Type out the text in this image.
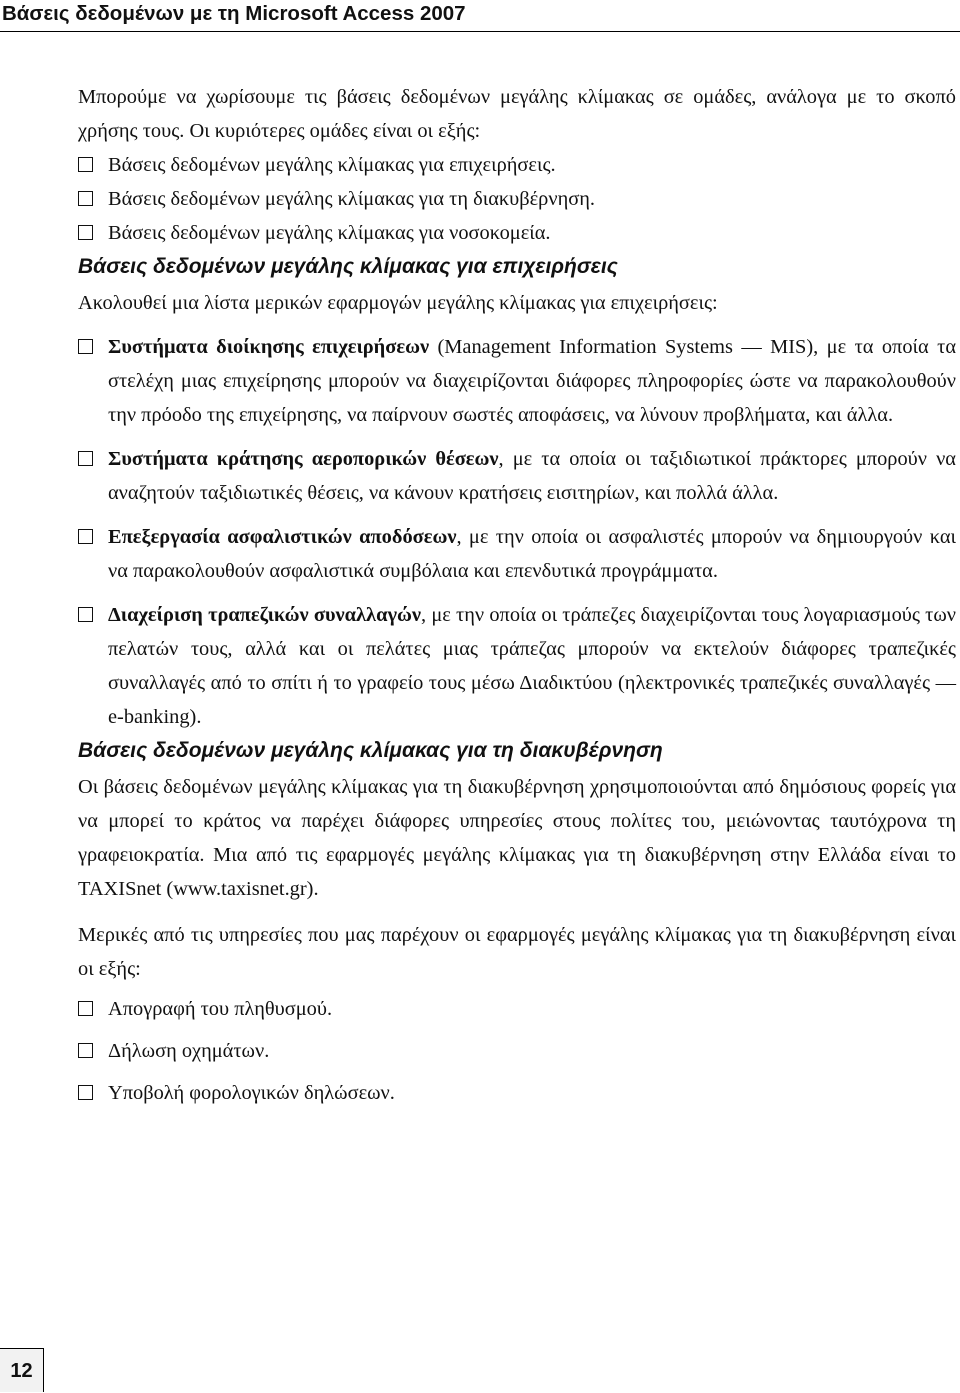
Βάσεις δεδομένων με τη Microsoft Access 2007

Μπορούμε να χωρίσουμε τις βάσεις δεδομένων μεγάλης κλίμακας σε ομάδες, ανάλογα με το σκοπό χρήσης τους. Οι κυριότερες ομάδες είναι οι εξής:

Βάσεις δεδομένων μεγάλης κλίμακας για επιχειρήσεις.

Βάσεις δεδομένων μεγάλης κλίμακας για τη διακυβέρνηση.

Βάσεις δεδομένων μεγάλης κλίμακας για νοσοκομεία.

Βάσεις δεδομένων μεγάλης κλίμακας για επιχειρήσεις

Ακολουθεί μια λίστα μερικών εφαρμογών μεγάλης κλίμακας για επιχειρήσεις:

Συστήματα διοίκησης επιχειρήσεων (Management Information Systems — MIS), με τα οποία τα στελέχη μιας επιχείρησης μπορούν να διαχειρίζονται διάφορες πληροφορίες ώστε να παρακολουθούν την πρόοδο της επιχείρησης, να παίρνουν σωστές αποφάσεις, να λύνουν προβλήματα, και άλλα.

Συστήματα κράτησης αεροπορικών θέσεων, με τα οποία οι ταξιδιωτικοί πράκτορες μπορούν να αναζητούν ταξιδιωτικές θέσεις, να κάνουν κρατήσεις εισιτηρίων, και πολλά άλλα.

Επεξεργασία ασφαλιστικών αποδόσεων, με την οποία οι ασφαλιστές μπορούν να δημιουργούν και να παρακολουθούν ασφαλιστικά συμβόλαια και επενδυτικά προγράμματα.

Διαχείριση τραπεζικών συναλλαγών, με την οποία οι τράπεζες διαχειρίζονται τους λογαριασμούς των πελατών τους, αλλά και οι πελάτες μιας τράπεζας μπορούν να εκτελούν διάφορες τραπεζικές συναλλαγές από το σπίτι ή το γραφείο τους μέσω Διαδικτύου (ηλεκτρονικές τραπεζικές συναλλαγές — e-banking).

Βάσεις δεδομένων μεγάλης κλίμακας για τη διακυβέρνηση

Οι βάσεις δεδομένων μεγάλης κλίμακας για τη διακυβέρνηση χρησιμοποιούνται από δημόσιους φορείς για να μπορεί το κράτος να παρέχει διάφορες υπηρεσίες στους πολίτες του, μειώνοντας ταυτόχρονα τη γραφειοκρατία. Μια από τις εφαρμογές μεγάλης κλίμακας για τη διακυβέρνηση στην Ελλάδα είναι το TAXISnet (www.taxisnet.gr).

Μερικές από τις υπηρεσίες που μας παρέχουν οι εφαρμογές μεγάλης κλίμακας για τη διακυβέρνηση είναι οι εξής:

Απογραφή του πληθυσμού.

Δήλωση οχημάτων.

Υποβολή φορολογικών δηλώσεων.

12
